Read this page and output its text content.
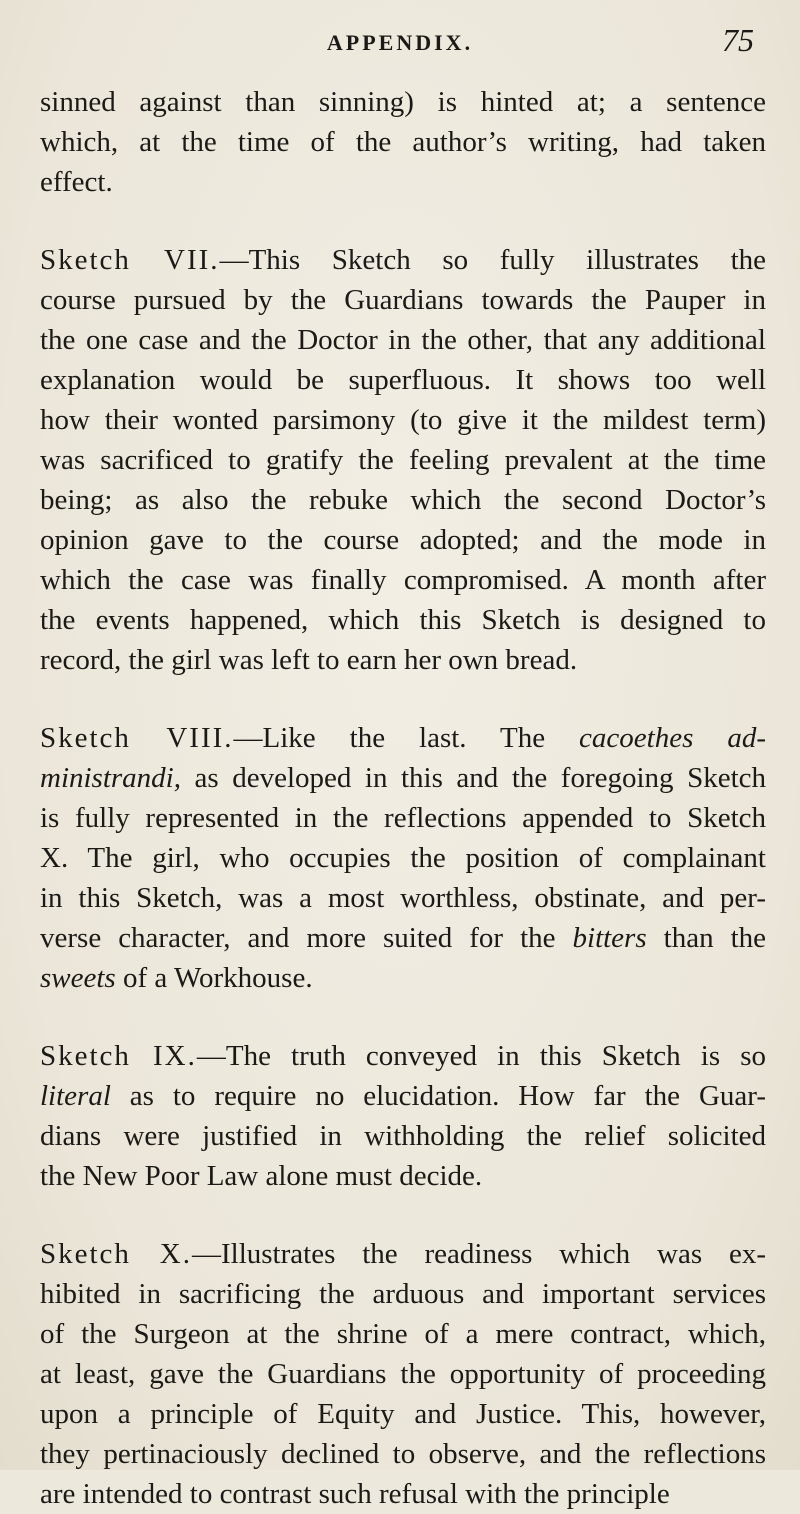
APPENDIX.	75
sinned against than sinning) is hinted at; a sentence
which, at the time of the author’s writing, had taken
effect.
Sketch VII.—This Sketch so fully illustrates the
course pursued by the Guardians towards the Pauper in
the one case and the Doctor in the other, that any additional
explanation would be superfluous. It shows too well
how their wonted parsimony (to give it the mildest term)
was sacrificed to gratify the feeling prevalent at the time
being; as also the rebuke which the second Doctor’s
opinion gave to the course adopted; and the mode in
which the case was finally compromised. A month after
the events happened, which this Sketch is designed to
record, the girl was left to earn her own bread.
Sketch VIII.—Like the last. The cacoethes ad-
ministrandi, as developed in this and the foregoing Sketch
is fully represented in the reflections appended to Sketch
X. The girl, who occupies the position of complainant
in this Sketch, was a most worthless, obstinate, and per-
verse character, and more suited for the bitters than the
sweets of a Workhouse.
Sketch IX.—The truth conveyed in this Sketch is so
literal as to require no elucidation. How far the Guar-
dians were justified in withholding the relief solicited
the New Poor Law alone must decide.
Sketch X.—Illustrates the readiness which was ex-
hibited in sacrificing the arduous and important services
of the Surgeon at the shrine of a mere contract, which,
at least, gave the Guardians the opportunity of proceeding
upon a principle of Equity and Justice. This, however,
they pertinaciously declined to observe, and the reflections
are intended to contrast such refusal with the principle
